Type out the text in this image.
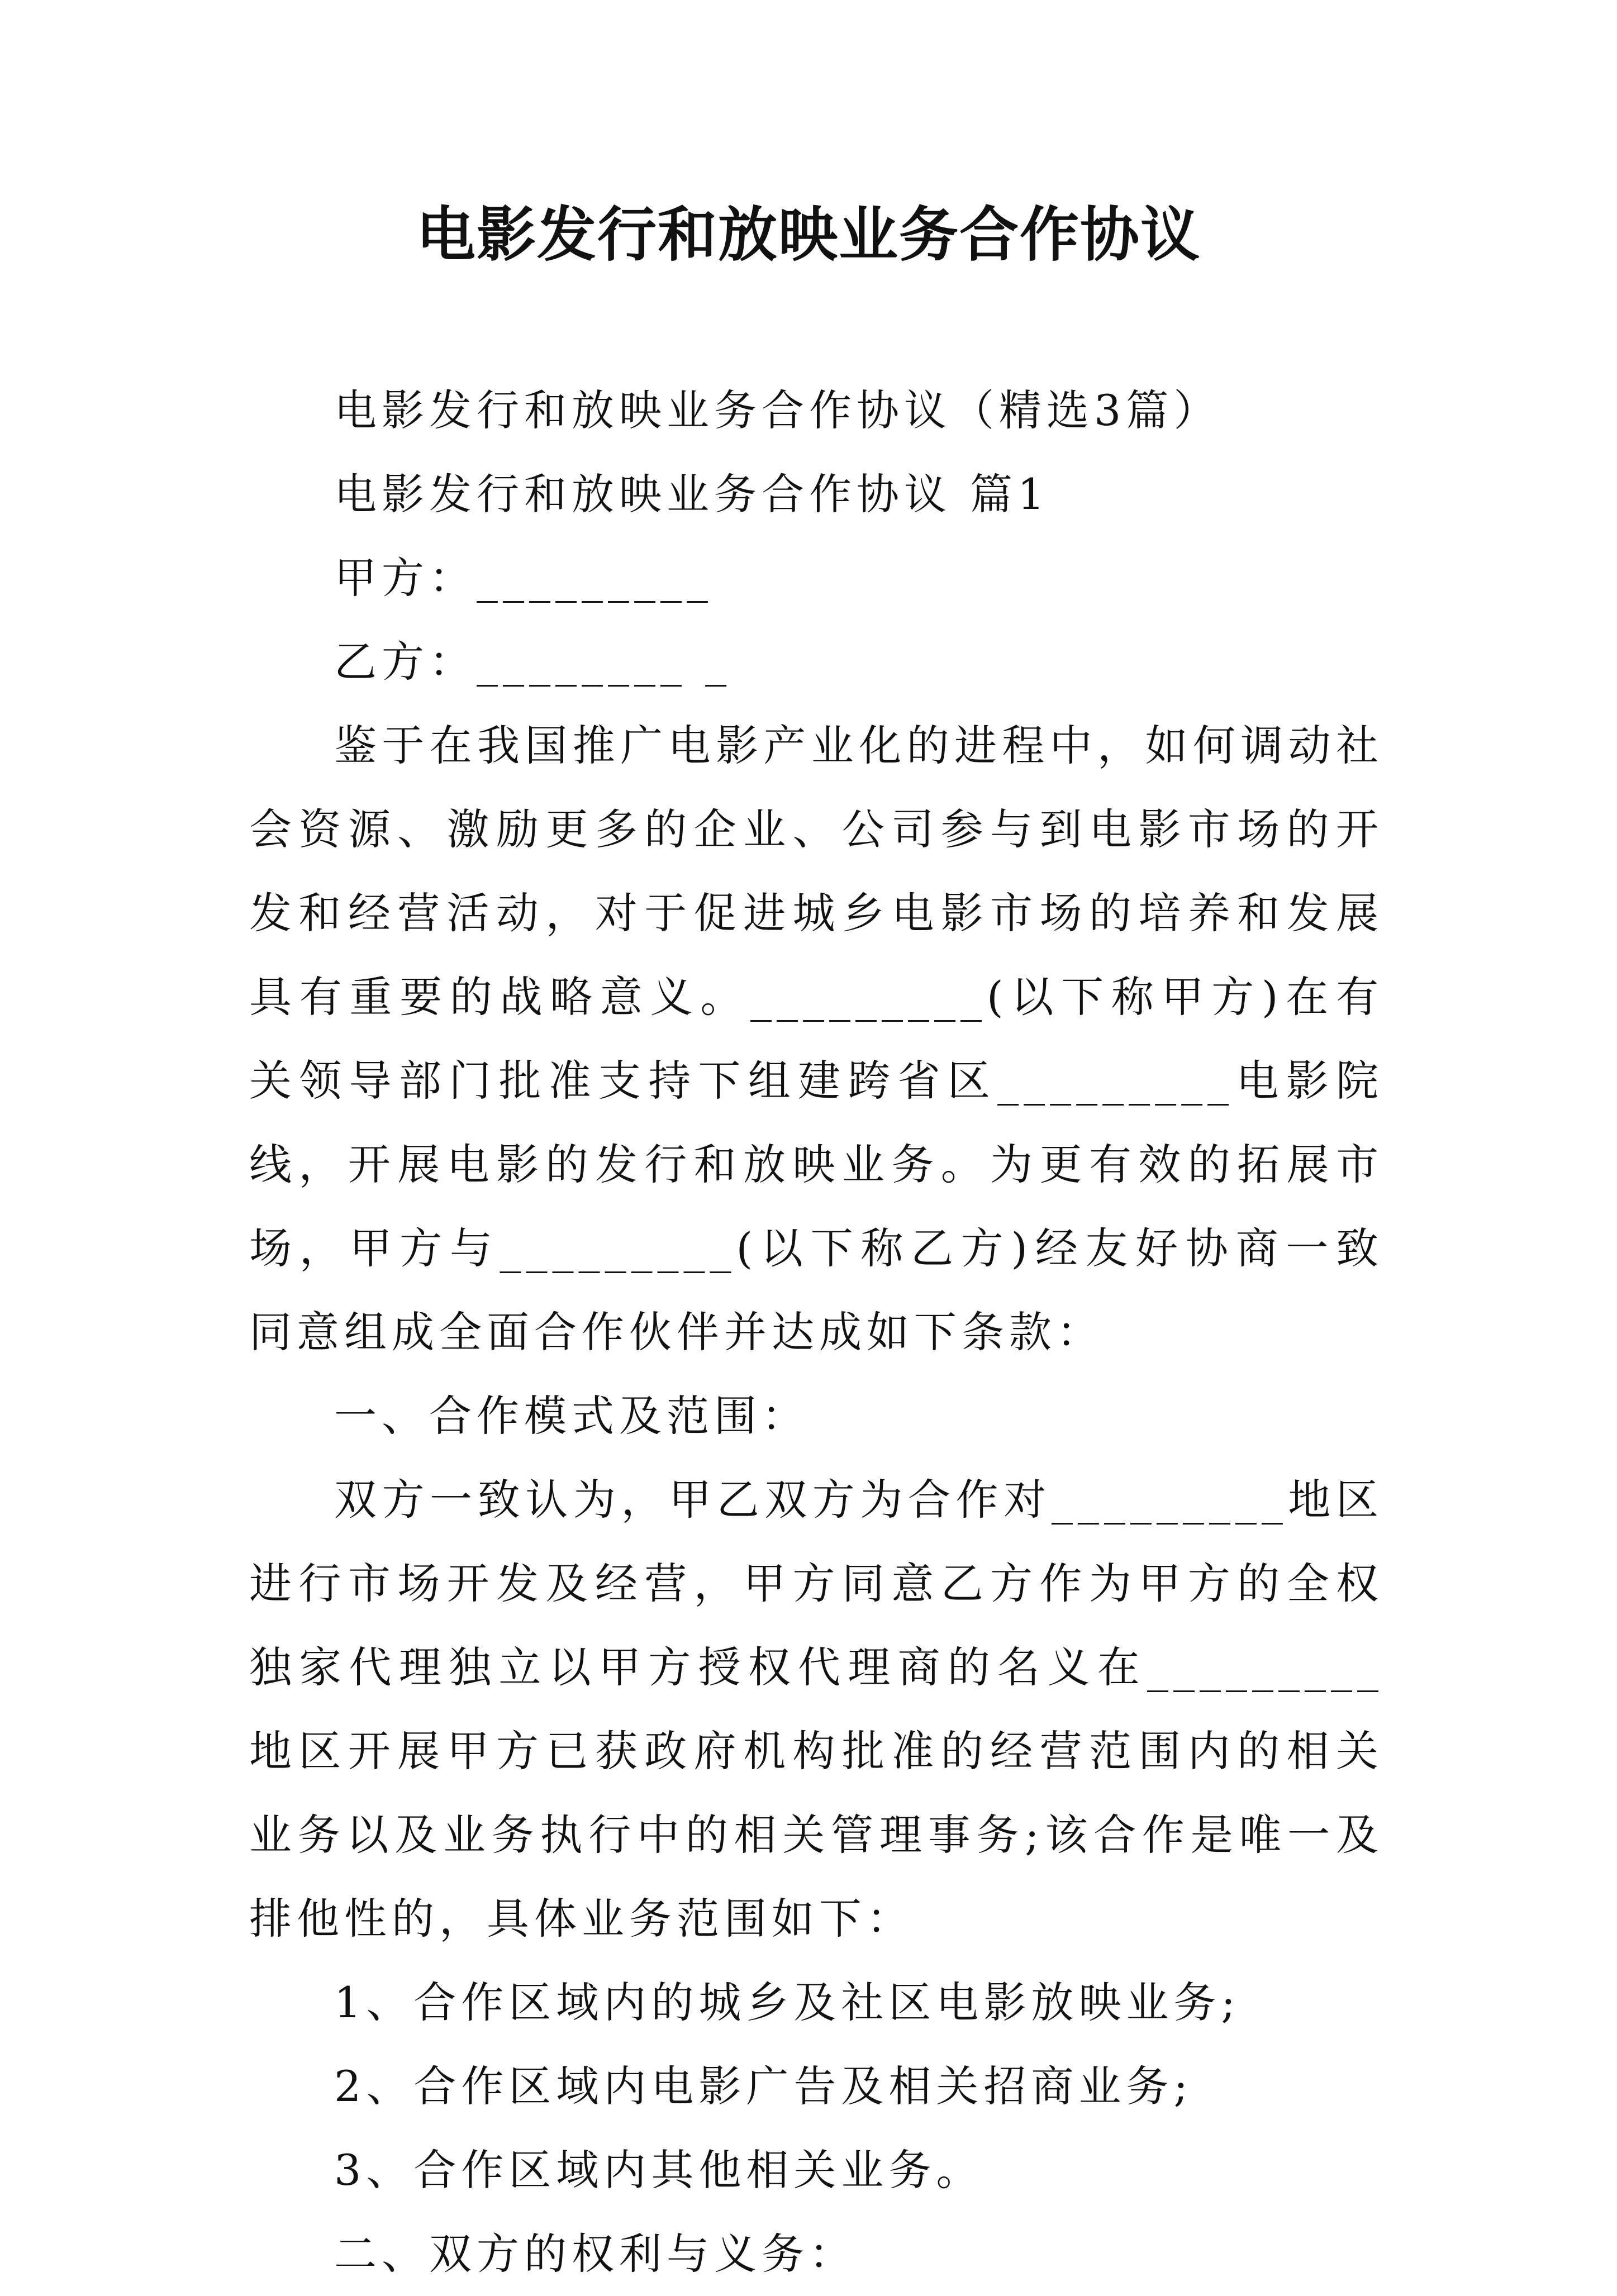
电影发行和放映业务合作协议

电影发行和放映业务合作协议（精选3篇）

电影发行和放映业务合作协议 篇1

甲方：_________

乙方：________ _

鉴于在我国推广电影产业化的进程中，如何调动社会资源、激励更多的企业、公司参与到电影市场的开发和经营活动，对于促进城乡电影市场的培养和发展具有重要的战略意义。_________(以下称甲方)在有关领导部门批准支持下组建跨省区_________电影院线，开展电影的发行和放映业务。为更有效的拓展市场，甲方与_________(以下称乙方)经友好协商一致同意组成全面合作伙伴并达成如下条款：

一、合作模式及范围：

双方一致认为，甲乙双方为合作对_________地区进行市场开发及经营，甲方同意乙方作为甲方的全权独家代理独立以甲方授权代理商的名义在_________地区开展甲方已获政府机构批准的经营范围内的相关业务以及业务执行中的相关管理事务;该合作是唯一及排他性的，具体业务范围如下：

1、合作区域内的城乡及社区电影放映业务;

2、合作区域内电影广告及相关招商业务;

3、合作区域内其他相关业务。

二、双方的权利与义务：
